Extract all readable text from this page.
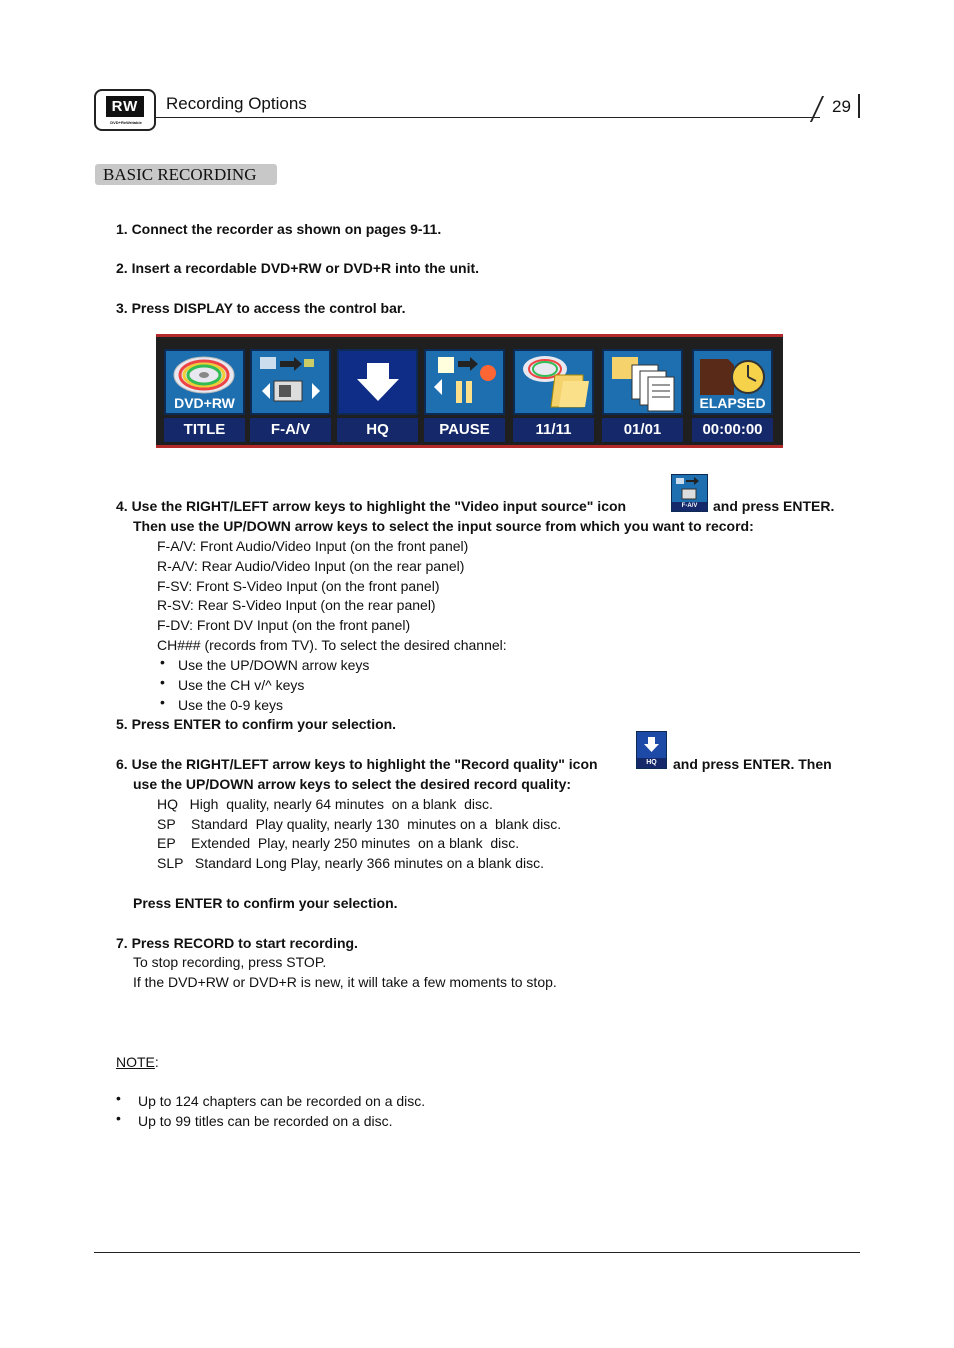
RW
DVD+ReWritable
Recording Options	29
BASIC RECORDING
1. Connect the recorder as shown on pages 9-11.
2. Insert a recordable DVD+RW or DVD+R into the unit.
3. Press DISPLAY to access the control bar.
DVD+RW
TITLE	F-A/V	HQ	PAUSE	11/11	01/01
ELAPSED
00:00:00
4. Use the RIGHT/LEFT arrow keys to highlight the "Video input source" icon	F-A/V	and press ENTER.
Then use the UP/DOWN arrow keys to select the input source from which you want to record:
F-A/V: Front Audio/Video Input (on the front panel)
R-A/V: Rear Audio/Video Input (on the rear panel)
F-SV: Front S-Video Input (on the front panel)
R-SV: Rear S-Video Input (on the rear panel)
F-DV: Front DV Input (on the front panel)
CH### (records from TV). To select the desired channel:
• Use the UP/DOWN arrow keys
• Use the CH v/^ keys
• Use the 0-9 keys
5. Press ENTER to confirm your selection.
6. Use the RIGHT/LEFT arrow keys to highlight the "Record quality" icon	HQ	and press ENTER. Then
use the UP/DOWN arrow keys to select the desired record quality:
HQ   High  quality, nearly 64 minutes  on a blank  disc.
SP    Standard  Play quality, nearly 130  minutes on a  blank disc.
EP    Extended  Play, nearly 250 minutes  on a blank  disc.
SLP   Standard Long Play, nearly 366 minutes on a blank disc.
Press ENTER to confirm your selection.
7. Press RECORD to start recording.
To stop recording, press STOP.
If the DVD+RW or DVD+R is new, it will take a few moments to stop.
NOTE:
• Up to 124 chapters can be recorded on a disc.
• Up to 99 titles can be recorded on a disc.
